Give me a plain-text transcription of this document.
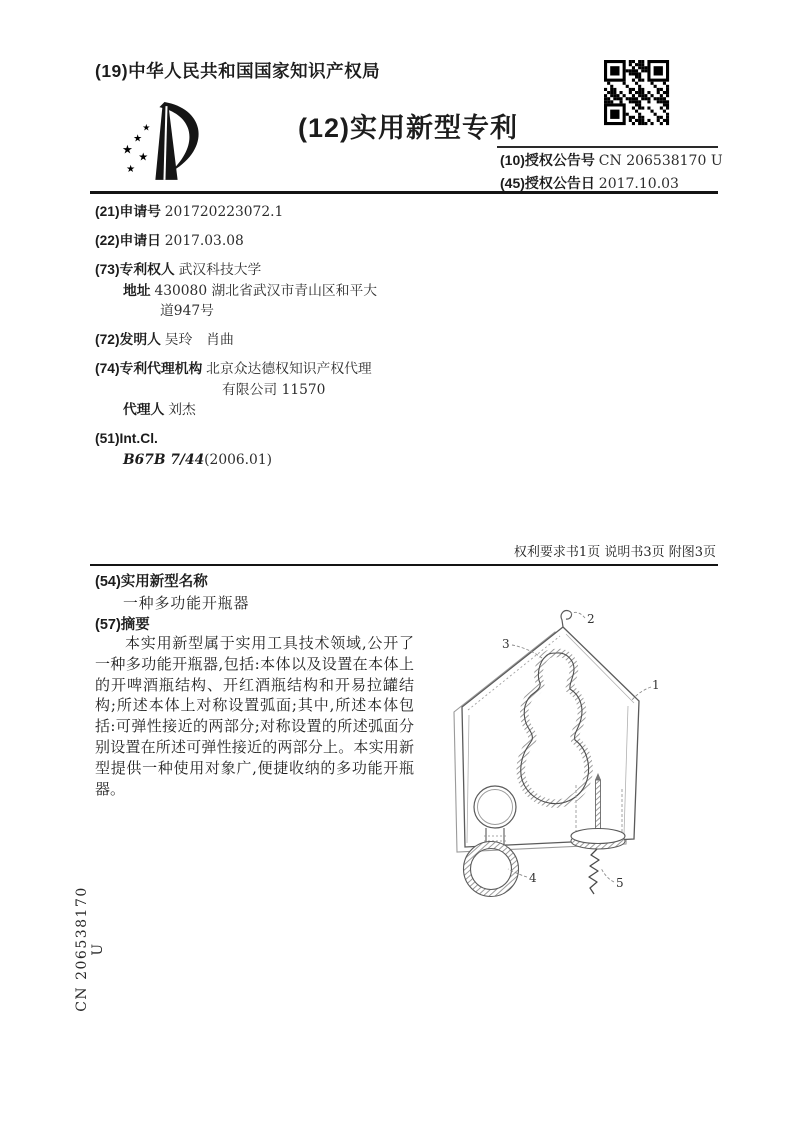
(19)中华人民共和国国家知识产权局
★
★
★
★
★
(12)实用新型专利
(10)授权公告号 CN 206538170 U
(45)授权公告日 2017.10.03
(21)申请号 201720223072.1
(22)申请日 2017.03.08
(73)专利权人 武汉科技大学
地址 430080 湖北省武汉市青山区和平大
道947号
(72)发明人 吴玲　肖曲
(74)专利代理机构 北京众达德权知识产权代理
有限公司 11570
代理人 刘杰
(51)Int.Cl.
B67B 7/44(2006.01)
权利要求书1页 说明书3页 附图3页
(54)实用新型名称
一种多功能开瓶器
(57)摘要

本实用新型属于实用工具技术领域,公开了一种多功能开瓶器,包括:本体以及设置在本体上的开啤酒瓶结构、开红酒瓶结构和开易拉罐结构;所述本体上对称设置弧面;其中,所述本体包括:可弹性接近的两部分;对称设置的所述弧面分别设置在所述可弹性接近的两部分上。本实用新型提供一种使用对象广,便捷收纳的多功能开瓶器。

1
2
3
4	5
CN 206538170 U
